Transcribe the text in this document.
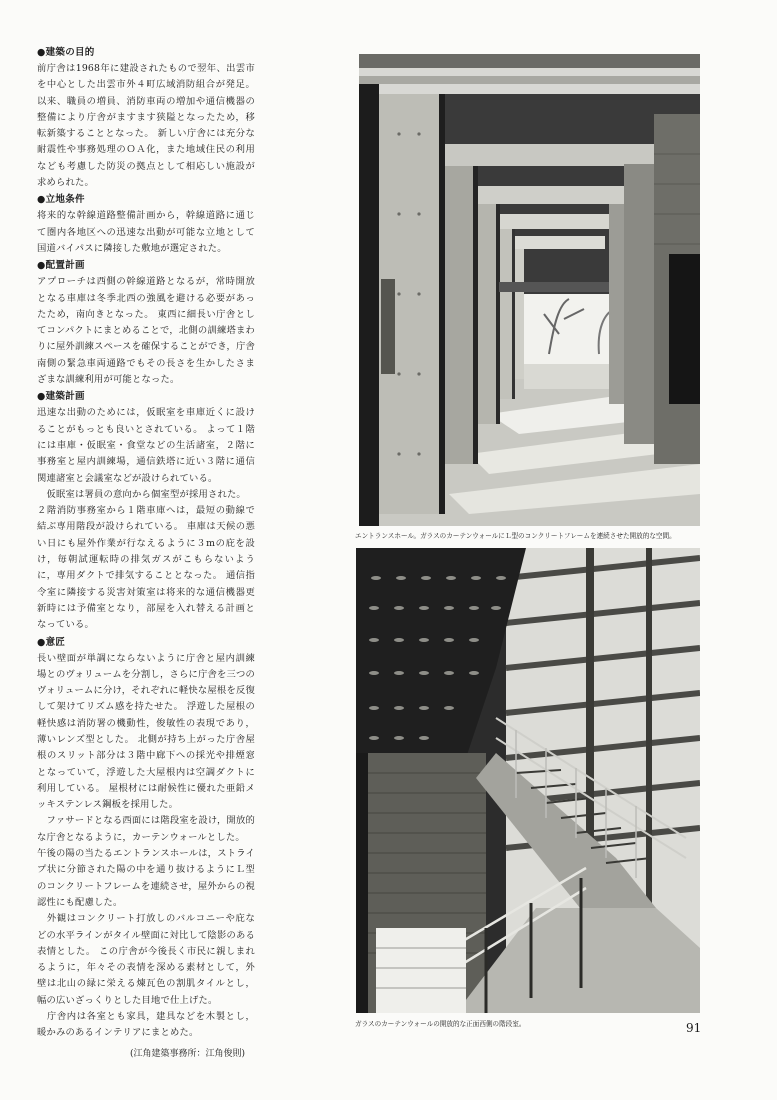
●建築の目的

前庁舎は1968年に建設されたもので翌年、出雲市を中心とした出雲市外４町広域消防組合が発足。 以来、職員の増員、消防車両の増加や通信機器の整備により庁舎がますます狭隘となったため，移転新築することとなった。 新しい庁舎には充分な耐震性や事務処理のＯＡ化，また地域住民の利用なども考慮した防災の拠点として相応しい施設が求められた。

●立地条件

将来的な幹線道路整備計画から，幹線道路に通じて圏内各地区への迅速な出動が可能な立地として国道バイパスに隣接した敷地が選定された。

●配置計画

アプローチは西側の幹線道路となるが，常時開放となる車庫は冬季北西の強風を避ける必要があったため，南向きとなった。 東西に細長い庁舎としてコンパクトにまとめることで，北側の訓練塔まわりに屋外訓練スペースを確保することができ，庁舎南側の緊急車両通路でもその長さを生かしたさまざまな訓練利用が可能となった。

●建築計画

迅速な出動のためには，仮眠室を車庫近くに設けることがもっとも良いとされている。 よって１階には車庫・仮眠室・食堂などの生活諸室，２階に事務室と屋内訓練場，通信鉄塔に近い３階に通信関連諸室と会議室などが設けられている。

　仮眠室は署員の意向から個室型が採用された。

２階消防事務室から１階車庫へは，最短の動線で結ぶ専用階段が設けられている。 車庫は天候の悪い日にも屋外作業が行なえるように３mの庇を設け，毎朝試運転時の排気ガスがこもらないように，専用ダクトで排気することとなった。 通信指令室に隣接する災害対策室は将来的な通信機器更新時には予備室となり，部屋を入れ替える計画となっている。

●意匠

長い壁面が単調にならないように庁舎と屋内訓練場とのヴォリュームを分割し，さらに庁舎を三つのヴォリュームに分け，それぞれに軽快な屋根を反復して架けてリズム感を持たせた。 浮遊した屋根の軽快感は消防署の機動性，俊敏性の表現であり，薄いレンズ型とした。 北側が持ち上がった庁舎屋根のスリット部分は３階中廊下への採光や排煙窓となっていて，浮遊した大屋根内は空調ダクトに利用している。 屋根材には耐候性に優れた亜鉛メッキステンレス鋼板を採用した。

　ファサードとなる西面には階段室を設け，開放的な庁舎となるように，カーテンウォールとした。

午後の陽の当たるエントランスホールは，ストライプ状に分節された陽の中を通り抜けるようにＬ型のコンクリートフレームを連続させ，屋外からの視認性にも配慮した。

　外観はコンクリート打放しのバルコニーや庇などの水平ラインがタイル壁面に対比して陰影のある表情とした。 この庁舎が今後長く市民に親しまれるように，年々その表情を深める素材として，外壁は北山の緑に栄える煉瓦色の割肌タイルとし，幅の広いざっくりとした目地で仕上げた。

　庁舎内は各室とも家具，建具などを木製とし，暖かみのあるインテリアにまとめた。

(江角建築事務所：江角俊則)

エントランスホール。ガラスのカーテンウォールにＬ型のコンクリートフレームを連続させた開放的な空間。
ガラスのカーテンウォールの開放的な正面西側の階段室。	91
